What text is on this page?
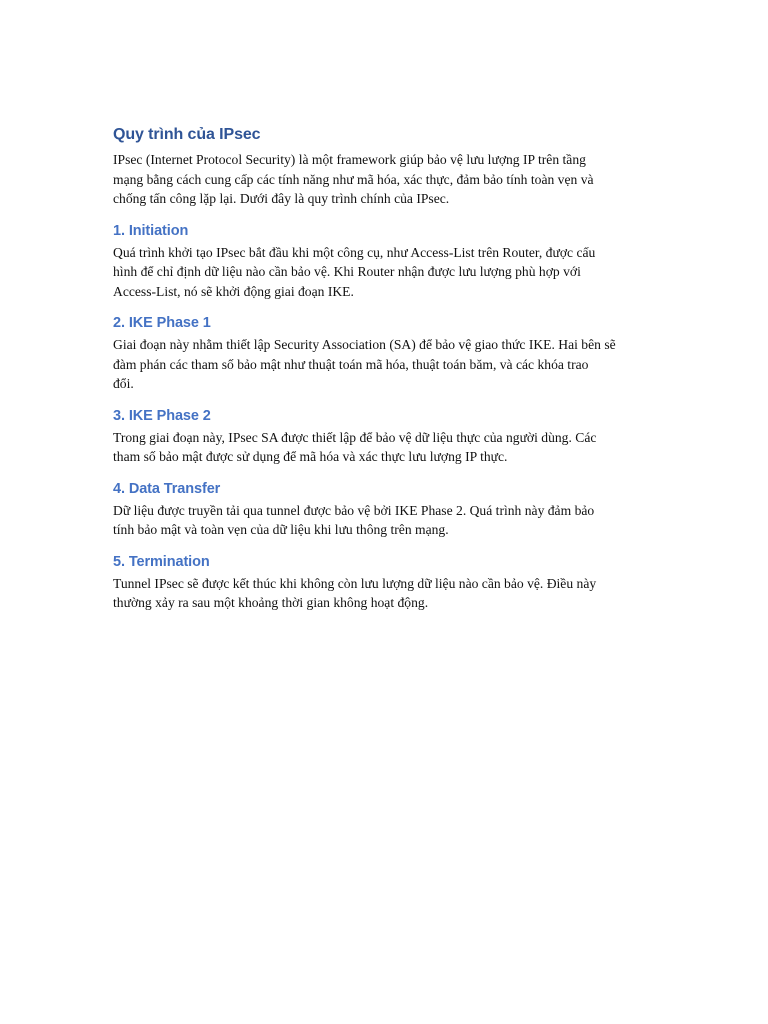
Quy trình của IPsec

IPsec (Internet Protocol Security) là một framework giúp bảo vệ lưu lượng IP trên tầng
mạng bằng cách cung cấp các tính năng như mã hóa, xác thực, đảm bảo tính toàn vẹn và
chống tấn công lặp lại. Dưới đây là quy trình chính của IPsec.

1. Initiation

Quá trình khởi tạo IPsec bắt đầu khi một công cụ, như Access-List trên Router, được cấu
hình để chỉ định dữ liệu nào cần bảo vệ. Khi Router nhận được lưu lượng phù hợp với
Access-List, nó sẽ khởi động giai đoạn IKE.

2. IKE Phase 1

Giai đoạn này nhằm thiết lập Security Association (SA) để bảo vệ giao thức IKE. Hai bên sẽ
đàm phán các tham số bảo mật như thuật toán mã hóa, thuật toán băm, và các khóa trao
đổi.

3. IKE Phase 2

Trong giai đoạn này, IPsec SA được thiết lập để bảo vệ dữ liệu thực của người dùng. Các
tham số bảo mật được sử dụng để mã hóa và xác thực lưu lượng IP thực.

4. Data Transfer

Dữ liệu được truyền tải qua tunnel được bảo vệ bởi IKE Phase 2. Quá trình này đảm bảo
tính bảo mật và toàn vẹn của dữ liệu khi lưu thông trên mạng.

5. Termination

Tunnel IPsec sẽ được kết thúc khi không còn lưu lượng dữ liệu nào cần bảo vệ. Điều này
thường xảy ra sau một khoảng thời gian không hoạt động.
